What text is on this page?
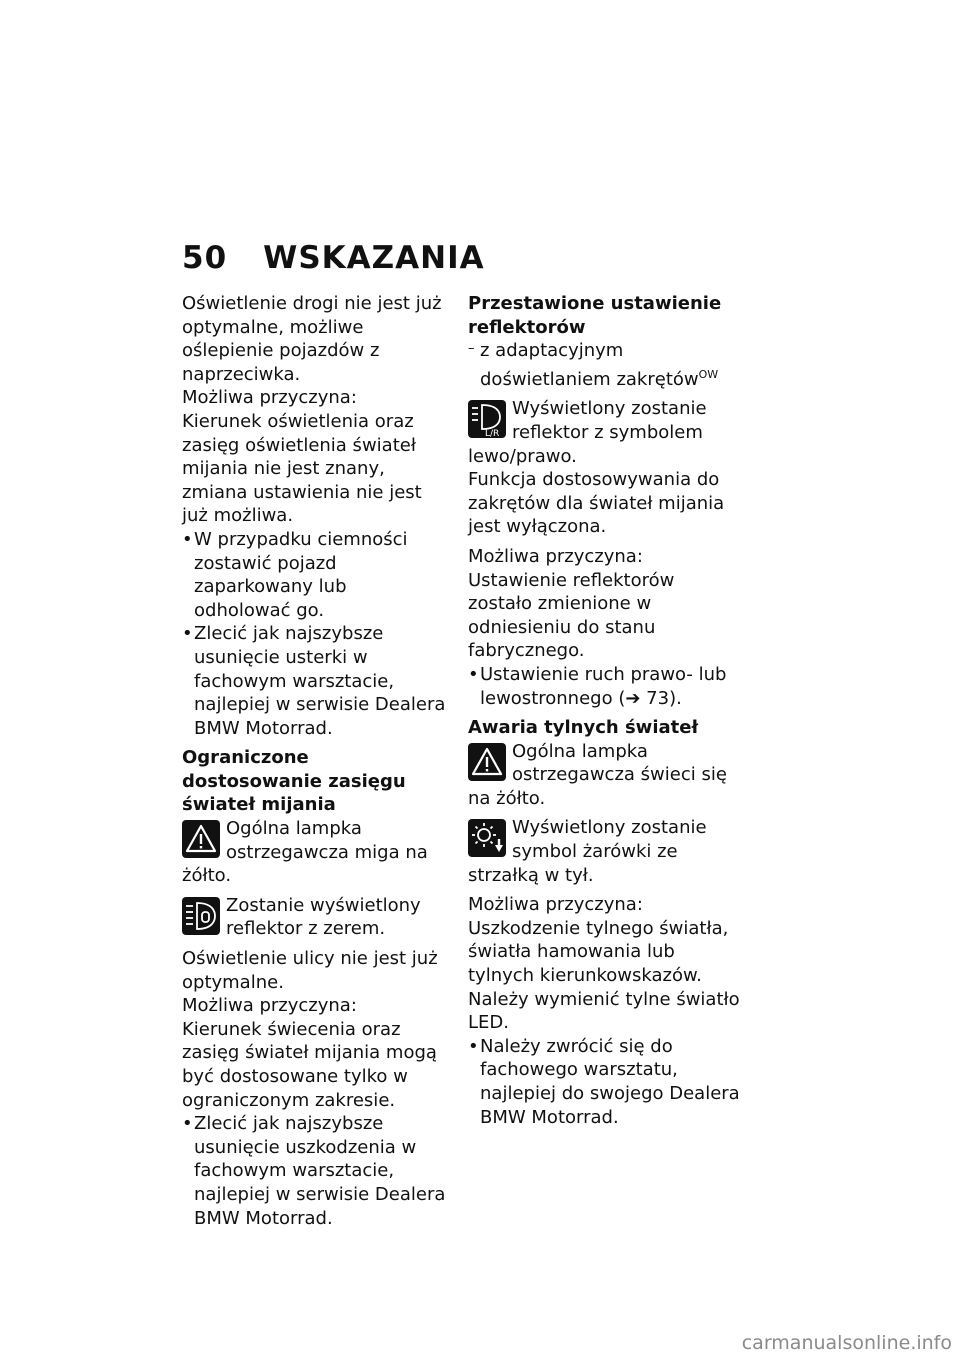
50 WSKAZANIA

Oświetlenie drogi nie jest już optymalne, możliwe oślepienie pojazdów z naprzeciwka.

Możliwa przyczyna:

Kierunek oświetlenia oraz zasięg oświetlenia świateł mijania nie jest znany, zmiana ustawienia nie jest już możliwa.

• W przypadku ciemności zostawić pojazd zaparkowany lub odholować go.

• Zlecić jak najszybsze usunięcie usterki w fachowym warsztacie, najlepiej w serwisie Dealera BMW Motorrad.

Ograniczone dostosowanie zasięgu świateł mijania

Ogólna lampka ostrzegawcza miga na żółto.
Zostanie wyświetlony reflektor z zerem.

Oświetlenie ulicy nie jest już optymalne.

Możliwa przyczyna:

Kierunek świecenia oraz zasięg świateł mijania mogą być dostosowane tylko w ograniczonym zakresie.

• Zlecić jak najszybsze usunięcie uszkodzenia w fachowym warsztacie, najlepiej w serwisie Dealera BMW Motorrad.

Przestawione ustawienie reflektorów

– z adaptacyjnym doświetlaniem zakrętów$^{OW}$

L/R
Wyświetlony zostanie reflektor z symbolem lewo/prawo.

Funkcja dostosowywania do zakrętów dla świateł mijania jest wyłączona.

Możliwa przyczyna:

Ustawienie reflektorów zostało zmienione w odniesieniu do stanu fabrycznego.

• Ustawienie ruch prawo- lub lewostronnego (➔ 73).

Awaria tylnych świateł

Ogólna lampka ostrzegawcza świeci się na żółto.
Wyświetlony zostanie symbol żarówki ze strzałką w tył.

Możliwa przyczyna:

Uszkodzenie tylnego światła, światła hamowania lub tylnych kierunkowskazów.

Należy wymienić tylne światło LED.

• Należy zwrócić się do fachowego warsztatu, najlepiej do swojego Dealera BMW Motorrad.

carmanualsonline.info
